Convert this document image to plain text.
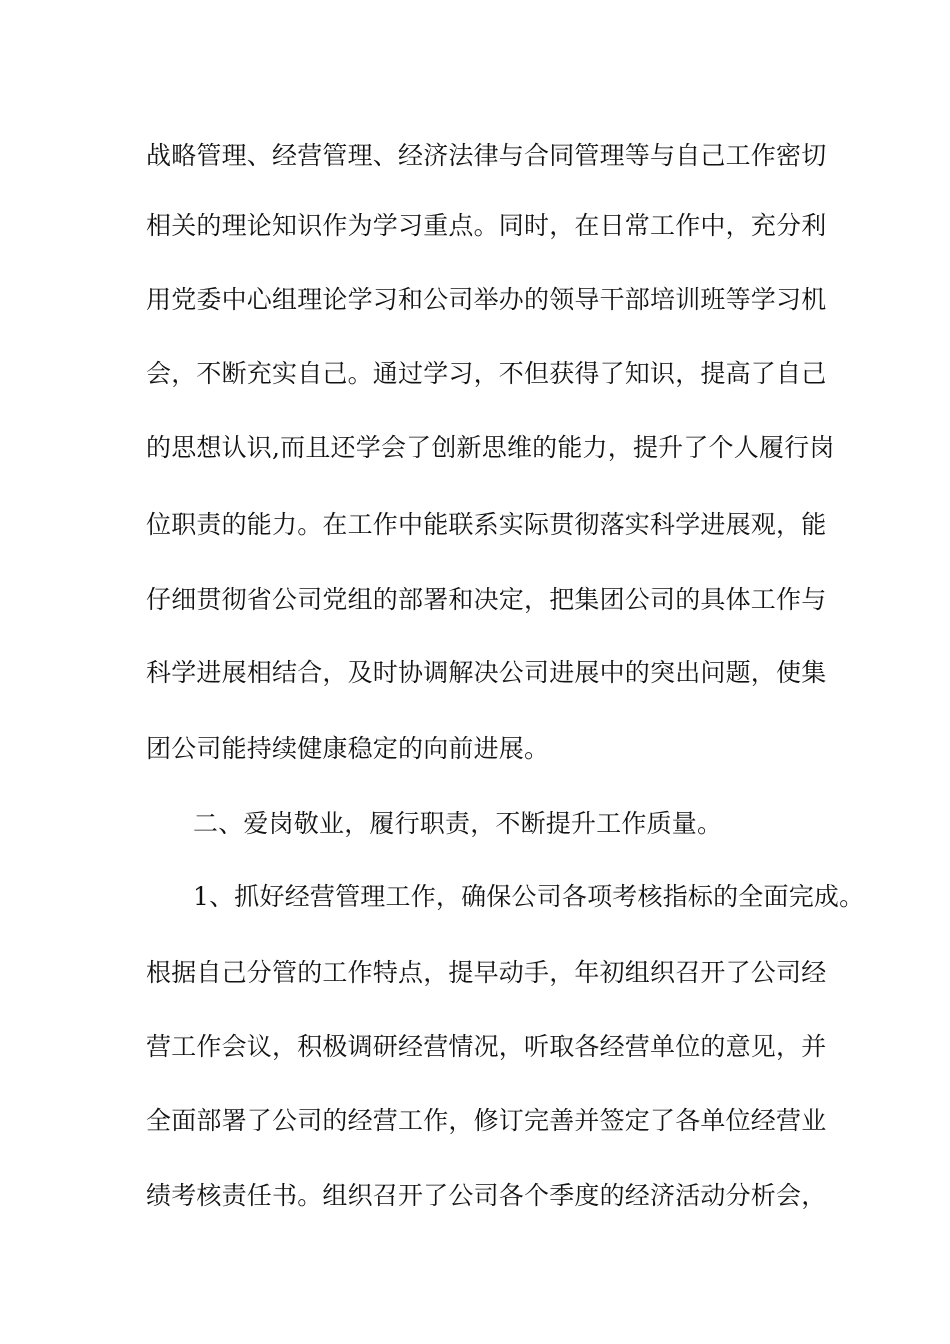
战略管理、经营管理、经济法律与合同管理等与自己工作密切
相关的理论知识作为学习重点。同时，在日常工作中，充分利
用党委中心组理论学习和公司举办的领导干部培训班等学习机
会，不断充实自己。通过学习，不但获得了知识，提高了自己
的思想认识,而且还学会了创新思维的能力，提升了个人履行岗
位职责的能力。在工作中能联系实际贯彻落实科学进展观，能
仔细贯彻省公司党组的部署和决定，把集团公司的具体工作与
科学进展相结合，及时协调解决公司进展中的突出问题，使集
团公司能持续健康稳定的向前进展。
二、爱岗敬业，履行职责，不断提升工作质量。
1、抓好经营管理工作，确保公司各项考核指标的全面完成。
根据自己分管的工作特点，提早动手，年初组织召开了公司经
营工作会议，积极调研经营情况，听取各经营单位的意见，并
全面部署了公司的经营工作，修订完善并签定了各单位经营业
绩考核责任书。组织召开了公司各个季度的经济活动分析会，
